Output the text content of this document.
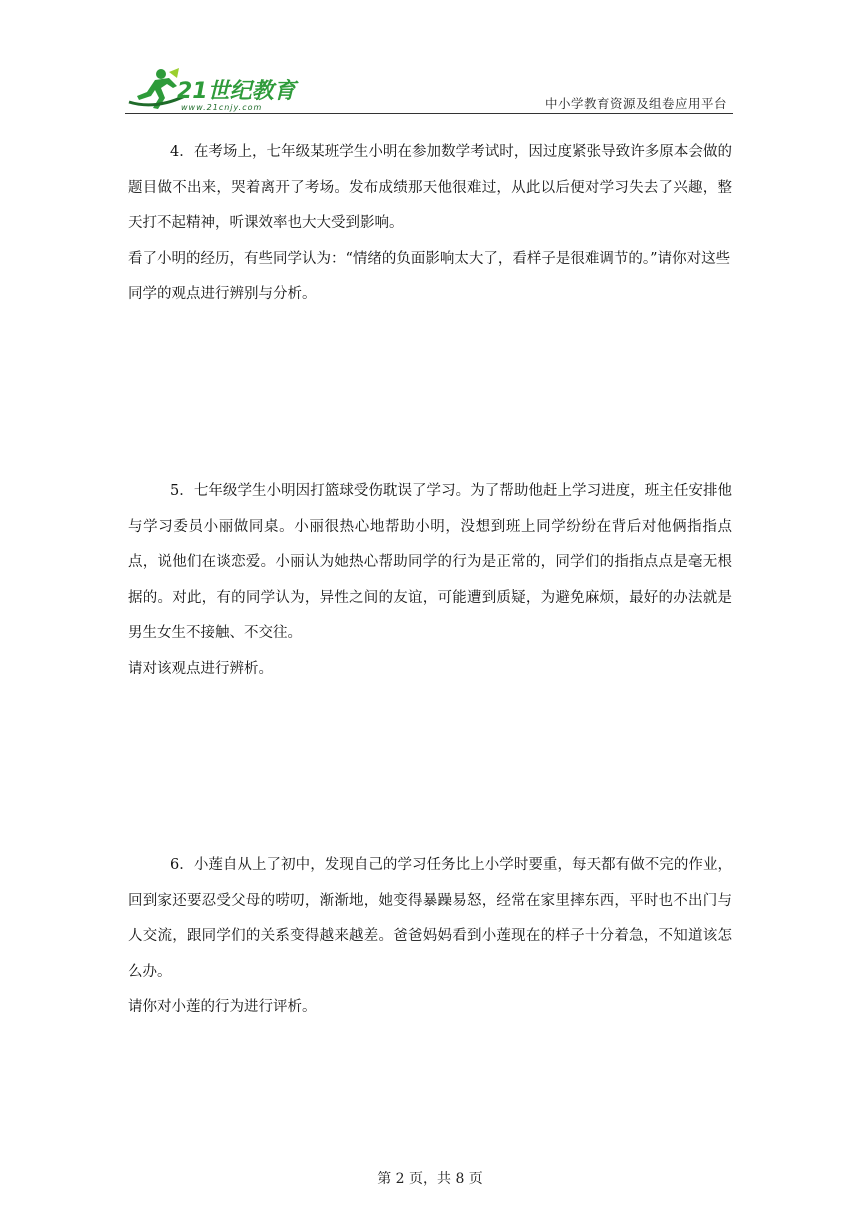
21世纪教育
www.21cnjy.com	中小学教育资源及组卷应用平台
4．在考场上，七年级某班学生小明在参加数学考试时，因过度紧张导致许多原本会做的题目做不出来，哭着离开了考场。发布成绩那天他很难过，从此以后便对学习失去了兴趣，整天打不起精神，听课效率也大大受到影响。
看了小明的经历，有些同学认为：“情绪的负面影响太大了，看样子是很难调节的。”请你对这些同学的观点进行辨别与分析。
5．七年级学生小明因打篮球受伤耽误了学习。为了帮助他赶上学习进度，班主任安排他与学习委员小丽做同桌。小丽很热心地帮助小明，没想到班上同学纷纷在背后对他俩指指点点，说他们在谈恋爱。小丽认为她热心帮助同学的行为是正常的，同学们的指指点点是毫无根据的。对此，有的同学认为，异性之间的友谊，可能遭到质疑，为避免麻烦，最好的办法就是男生女生不接触、不交往。
请对该观点进行辨析。
6．小莲自从上了初中，发现自己的学习任务比上小学时要重，每天都有做不完的作业，回到家还要忍受父母的唠叨，渐渐地，她变得暴躁易怒，经常在家里摔东西，平时也不出门与人交流，跟同学们的关系变得越来越差。爸爸妈妈看到小莲现在的样子十分着急，不知道该怎么办。
请你对小莲的行为进行评析。
第 2 页，共 8 页
